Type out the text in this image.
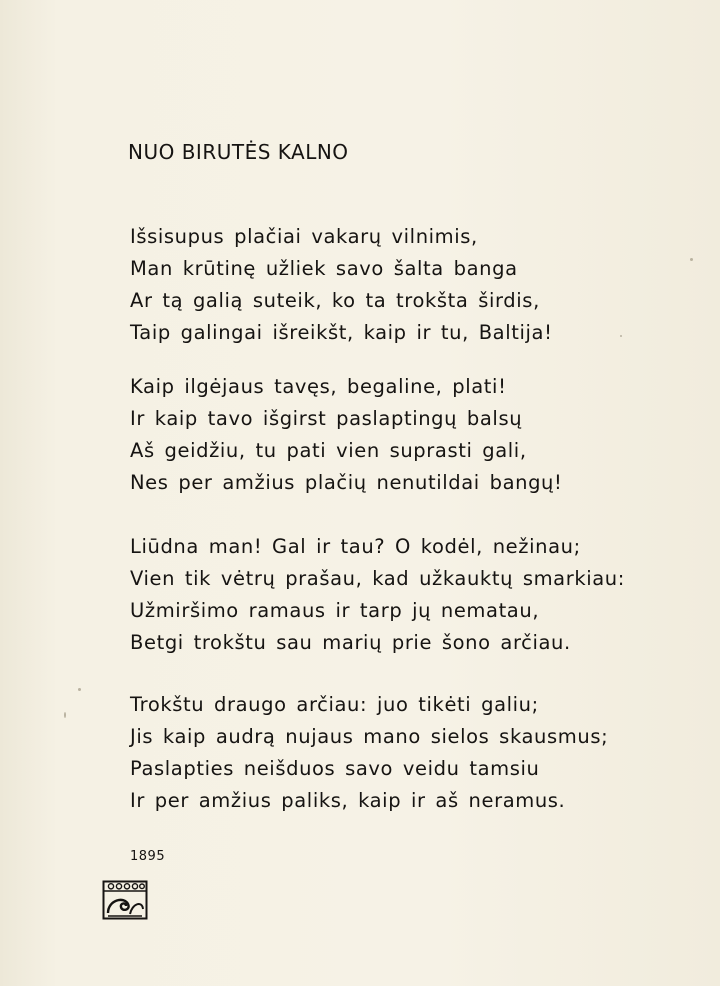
NUO BIRUTĖS KALNO
Išsisupus plačiai vakarų vilnimis,
Man krūtinę užliek savo šalta banga
Ar tą galią suteik, ko ta trokšta širdis,
Taip galingai išreikšt, kaip ir tu, Baltija!
Kaip ilgėjaus tavęs, begaline, plati!
Ir kaip tavo išgirst paslaptingų balsų
Aš geidžiu, tu pati vien suprasti gali,
Nes per amžius plačių nenutildai bangų!
Liūdna man! Gal ir tau? O kodėl, nežinau;
Vien tik vėtrų prašau, kad užkauktų smarkiau:
Užmiršimo ramaus ir tarp jų nematau,
Betgi trokštu sau marių prie šono arčiau.
Trokštu draugo arčiau: juo tikėti galiu;
Jis kaip audrą nujaus mano sielos skausmus;
Paslapties neišduos savo veidu tamsiu
Ir per amžius paliks, kaip ir aš neramus.
1895
